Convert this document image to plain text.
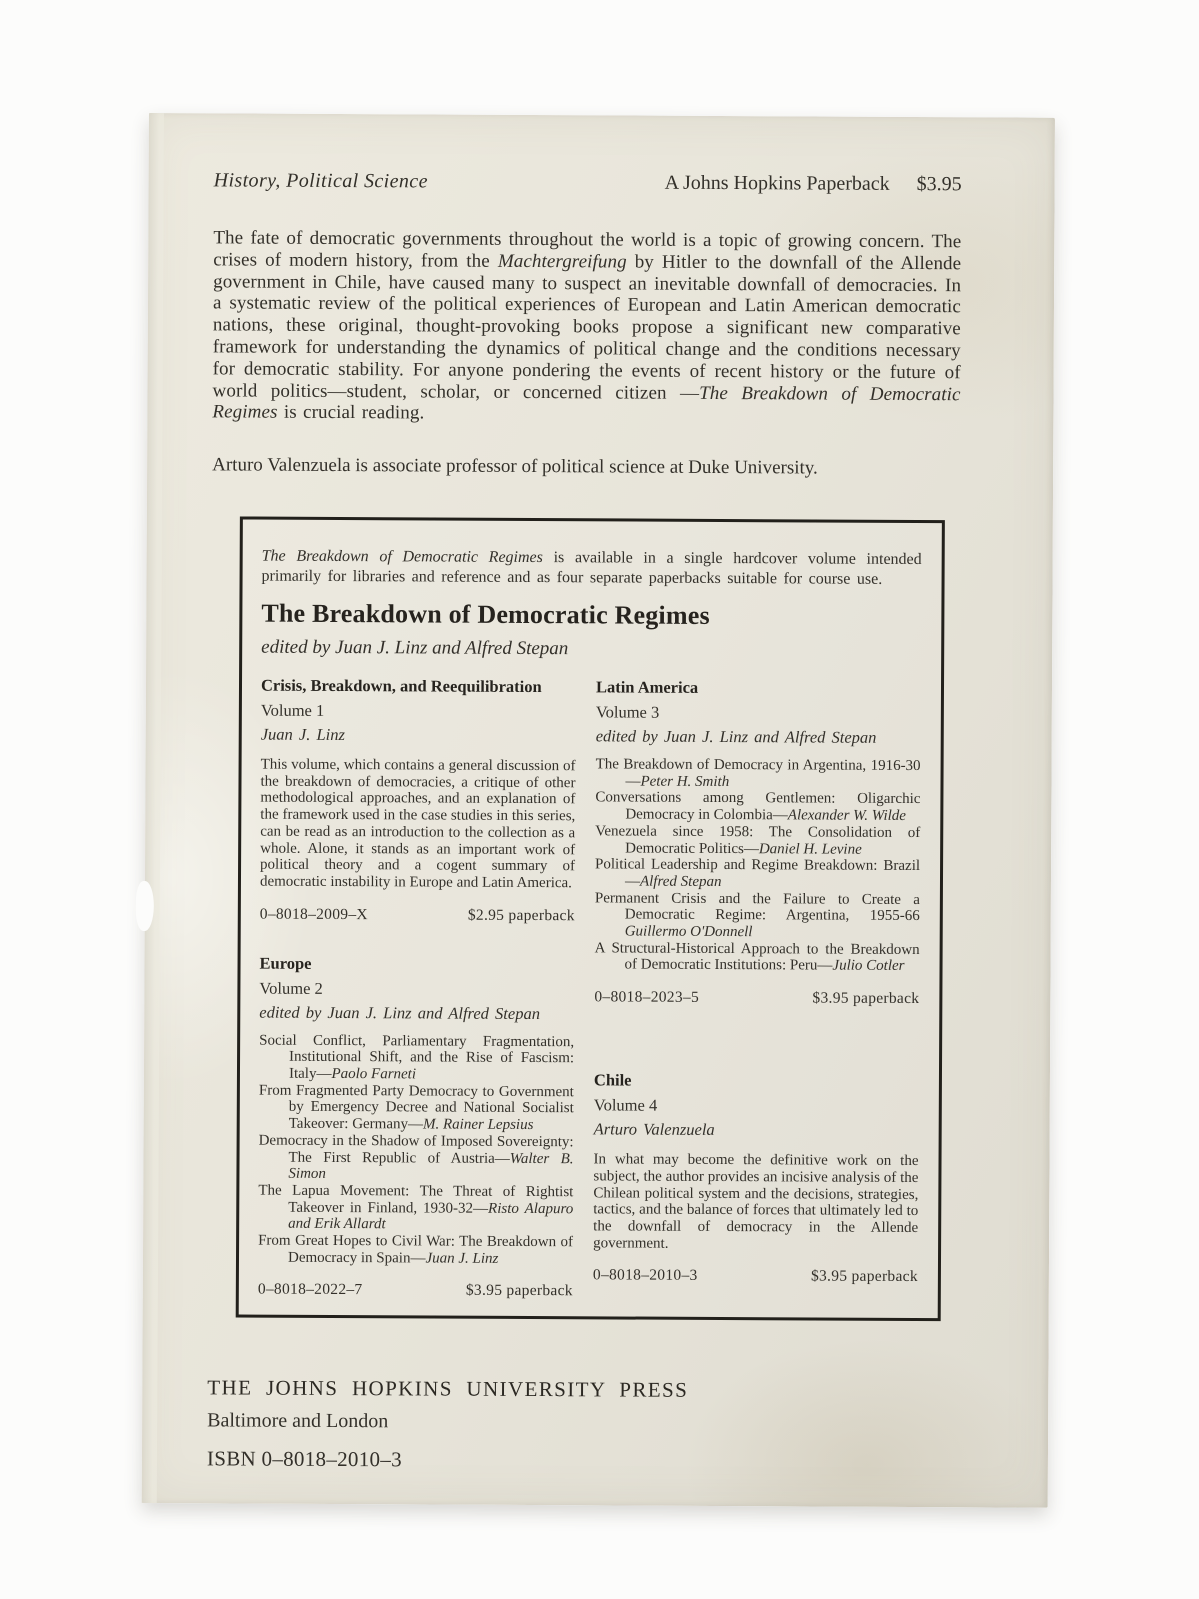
History, Political Science	A Johns Hopkins Paperback $3.95

The fate of democratic governments throughout the world is a topic of growing concern. The crises of modern history, from the Machtergreifung by Hitler to the downfall of the Allende government in Chile, have caused many to suspect an inevitable downfall of democracies. In a systematic review of the political experiences of European and Latin American democratic nations, these original, thought-provoking books propose a significant new comparative framework for understanding the dynamics of political change and the conditions necessary for democratic stability. For anyone pondering the events of recent history or the future of world politics—student, scholar, or concerned citizen —The Breakdown of Democratic Regimes is crucial reading.

Arturo Valenzuela is associate professor of political science at Duke University.

The Breakdown of Democratic Regimes is available in a single hardcover volume intended primarily for libraries and reference and as four separate paperbacks suitable for course use.

The Breakdown of Democratic Regimes

edited by Juan J. Linz and Alfred Stepan

Crisis, Breakdown, and Reequilibration

Volume 1

Juan J. Linz

This volume, which contains a general discussion of the breakdown of democracies, a critique of other methodological approaches, and an explanation of the framework used in the case studies in this series, can be read as an introduction to the collection as a whole. Alone, it stands as an important work of political theory and a cogent summary of democratic instability in Europe and Latin America.

0–8018–2009–X	$2.95 paperback
Europe

Volume 2

edited by Juan J. Linz and Alfred Stepan

Social Conflict, Parliamentary Fragmentation, Institutional Shift, and the Rise of Fascism: Italy—Paolo Farneti
From Fragmented Party Democracy to Government by Emergency Decree and National Socialist Takeover: Germany—M. Rainer Lepsius
Democracy in the Shadow of Imposed Sovereignty: The First Republic of Austria—Walter B. Simon
The Lapua Movement: The Threat of Rightist Takeover in Finland, 1930-32—Risto Alapuro and Erik Allardt
From Great Hopes to Civil War: The Breakdown of Democracy in Spain—Juan J. Linz
0–8018–2022–7	$3.95 paperback
Latin America

Volume 3

edited by Juan J. Linz and Alfred Stepan

The Breakdown of Democracy in Argentina, 1916-30—Peter H. Smith
Conversations among Gentlemen: Oligarchic Democracy in Colombia—Alexander W. Wilde
Venezuela since 1958: The Consolidation of Democratic Politics—Daniel H. Levine
Political Leadership and Regime Breakdown: Brazil—Alfred Stepan
Permanent Crisis and the Failure to Create a Democratic Regime: Argentina, 1955-66 Guillermo O'Donnell
A Structural-Historical Approach to the Breakdown of Democratic Institutions: Peru—Julio Cotler
0–8018–2023–5	$3.95 paperback
Chile

Volume 4

Arturo Valenzuela

In what may become the definitive work on the subject, the author provides an incisive analysis of the Chilean political system and the decisions, strategies, tactics, and the balance of forces that ultimately led to the downfall of democracy in the Allende government.

0–8018–2010–3	$3.95 paperback

THE JOHNS HOPKINS UNIVERSITY PRESS

Baltimore and London

ISBN 0–8018–2010–3
